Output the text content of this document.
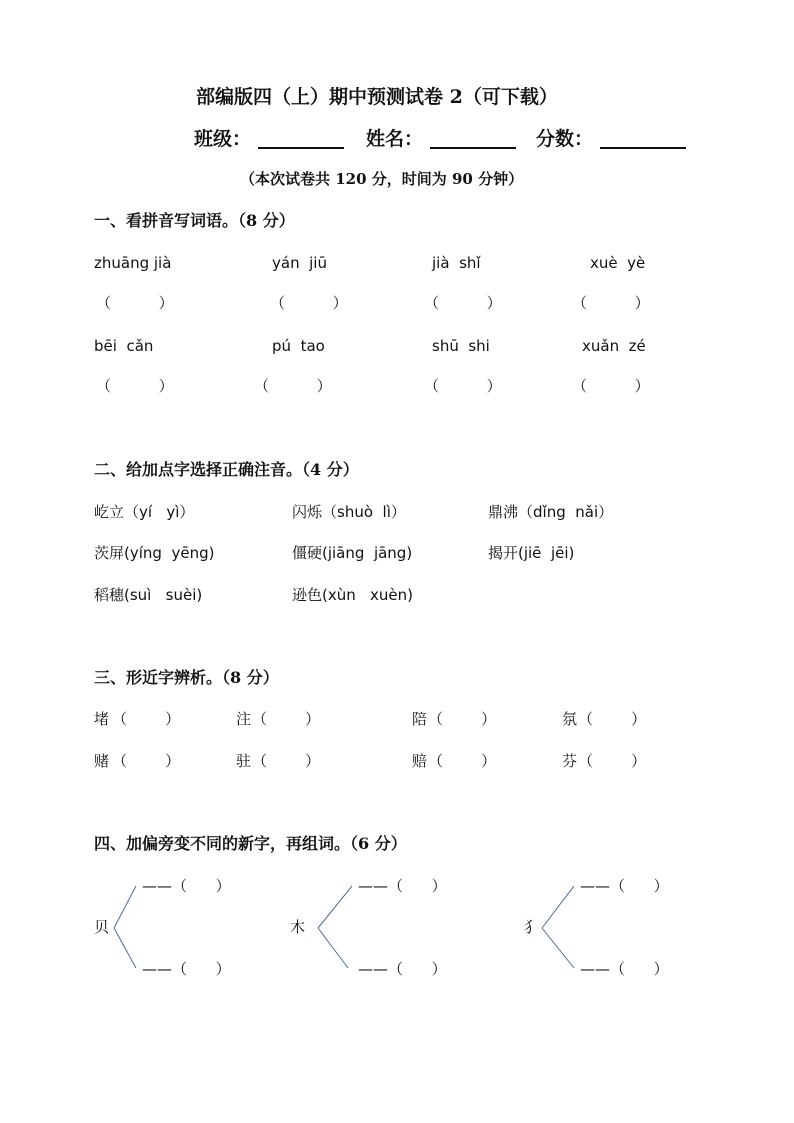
部编版四（上）期中预测试卷 2（可下载）
班级：	姓名：	分数：
（本次试卷共 120 分，时间为 90 分钟）
一、看拼音写词语。（8 分）
zhuāng jià	yán  jiū	jià  shǐ	xuè  yè
（          ）	（          ）	（          ）	（          ）
bēi  cǎn	pú  tao	shū  shi	xuǎn  zé
（          ）	（          ）	（          ）	（          ）
二、给加点字选择正确注音。（4 分）
屹立（yí   yì）	闪烁（shuò  lì）	鼎沸（dǐng  nǎi）
茨屏(yíng  yēng)	僵硬(jiāng  jāng)	揭开(jiē  jēi)
稻穗(suì   suèi)	逊色(xùn   xuèn)
三、形近字辨析。（8 分）
堵 （        ）	注 （        ）	陪 （        ）	氛 （        ）
赌 （        ）	驻 （        ）	赔 （        ）	芬 （        ）
四、加偏旁变不同的新字，再组词。（6 分）
贝
——（      ）
——（      ）
木
——（      ）
——（      ）
犭
——（      ）
——（      ）
